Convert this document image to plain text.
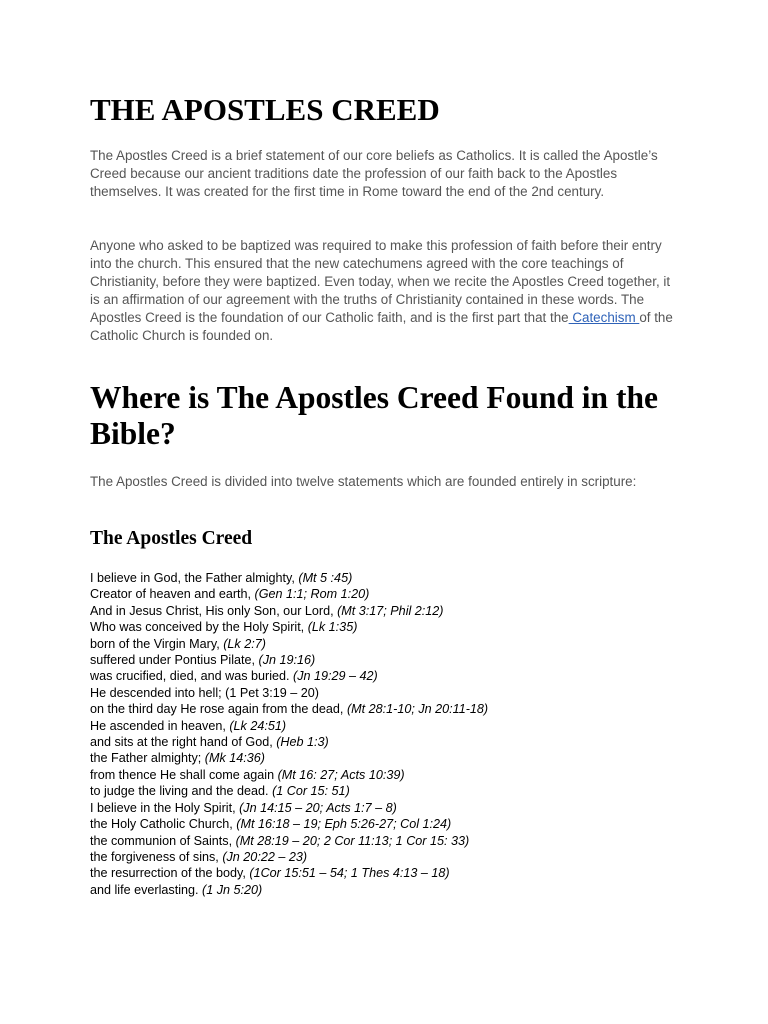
THE APOSTLES CREED

The Apostles Creed is a brief statement of our core beliefs as Catholics. It is called the Apostle’s Creed because our ancient traditions date the profession of our faith back to the Apostles themselves. It was created for the first time in Rome toward the end of the 2nd century.

Anyone who asked to be baptized was required to make this profession of faith before their entry into the church. This ensured that the new catechumens agreed with the core teachings of Christianity, before they were baptized. Even today, when we recite the Apostles Creed together, it is an affirmation of our agreement with the truths of Christianity contained in these words. The Apostles Creed is the foundation of our Catholic faith, and is the first part that the Catechism of the Catholic Church is founded on.

Where is The Apostles Creed Found in the Bible?

The Apostles Creed is divided into twelve statements which are founded entirely in scripture:

The Apostles Creed
I believe in God, the Father almighty, (Mt 5 :45)
Creator of heaven and earth, (Gen 1:1; Rom 1:20)
And in Jesus Christ, His only Son, our Lord, (Mt 3:17; Phil 2:12)
Who was conceived by the Holy Spirit, (Lk 1:35)
born of the Virgin Mary, (Lk 2:7)
suffered under Pontius Pilate, (Jn 19:16)
was crucified, died, and was buried. (Jn 19:29 – 42)
He descended into hell; (1 Pet 3:19 – 20)
on the third day He rose again from the dead, (Mt 28:1-10; Jn 20:11-18)
He ascended in heaven, (Lk 24:51)
and sits at the right hand of God, (Heb 1:3)
the Father almighty; (Mk 14:36)
from thence He shall come again (Mt 16: 27; Acts 10:39)
to judge the living and the dead. (1 Cor 15: 51)
I believe in the Holy Spirit, (Jn 14:15 – 20; Acts 1:7 – 8)
the Holy Catholic Church, (Mt 16:18 – 19; Eph 5:26-27; Col 1:24)
the communion of Saints, (Mt 28:19 – 20; 2 Cor 11:13; 1 Cor 15: 33)
the forgiveness of sins, (Jn 20:22 – 23)
the resurrection of the body, (1Cor 15:51 – 54; 1 Thes 4:13 – 18)
and life everlasting. (1 Jn 5:20)
